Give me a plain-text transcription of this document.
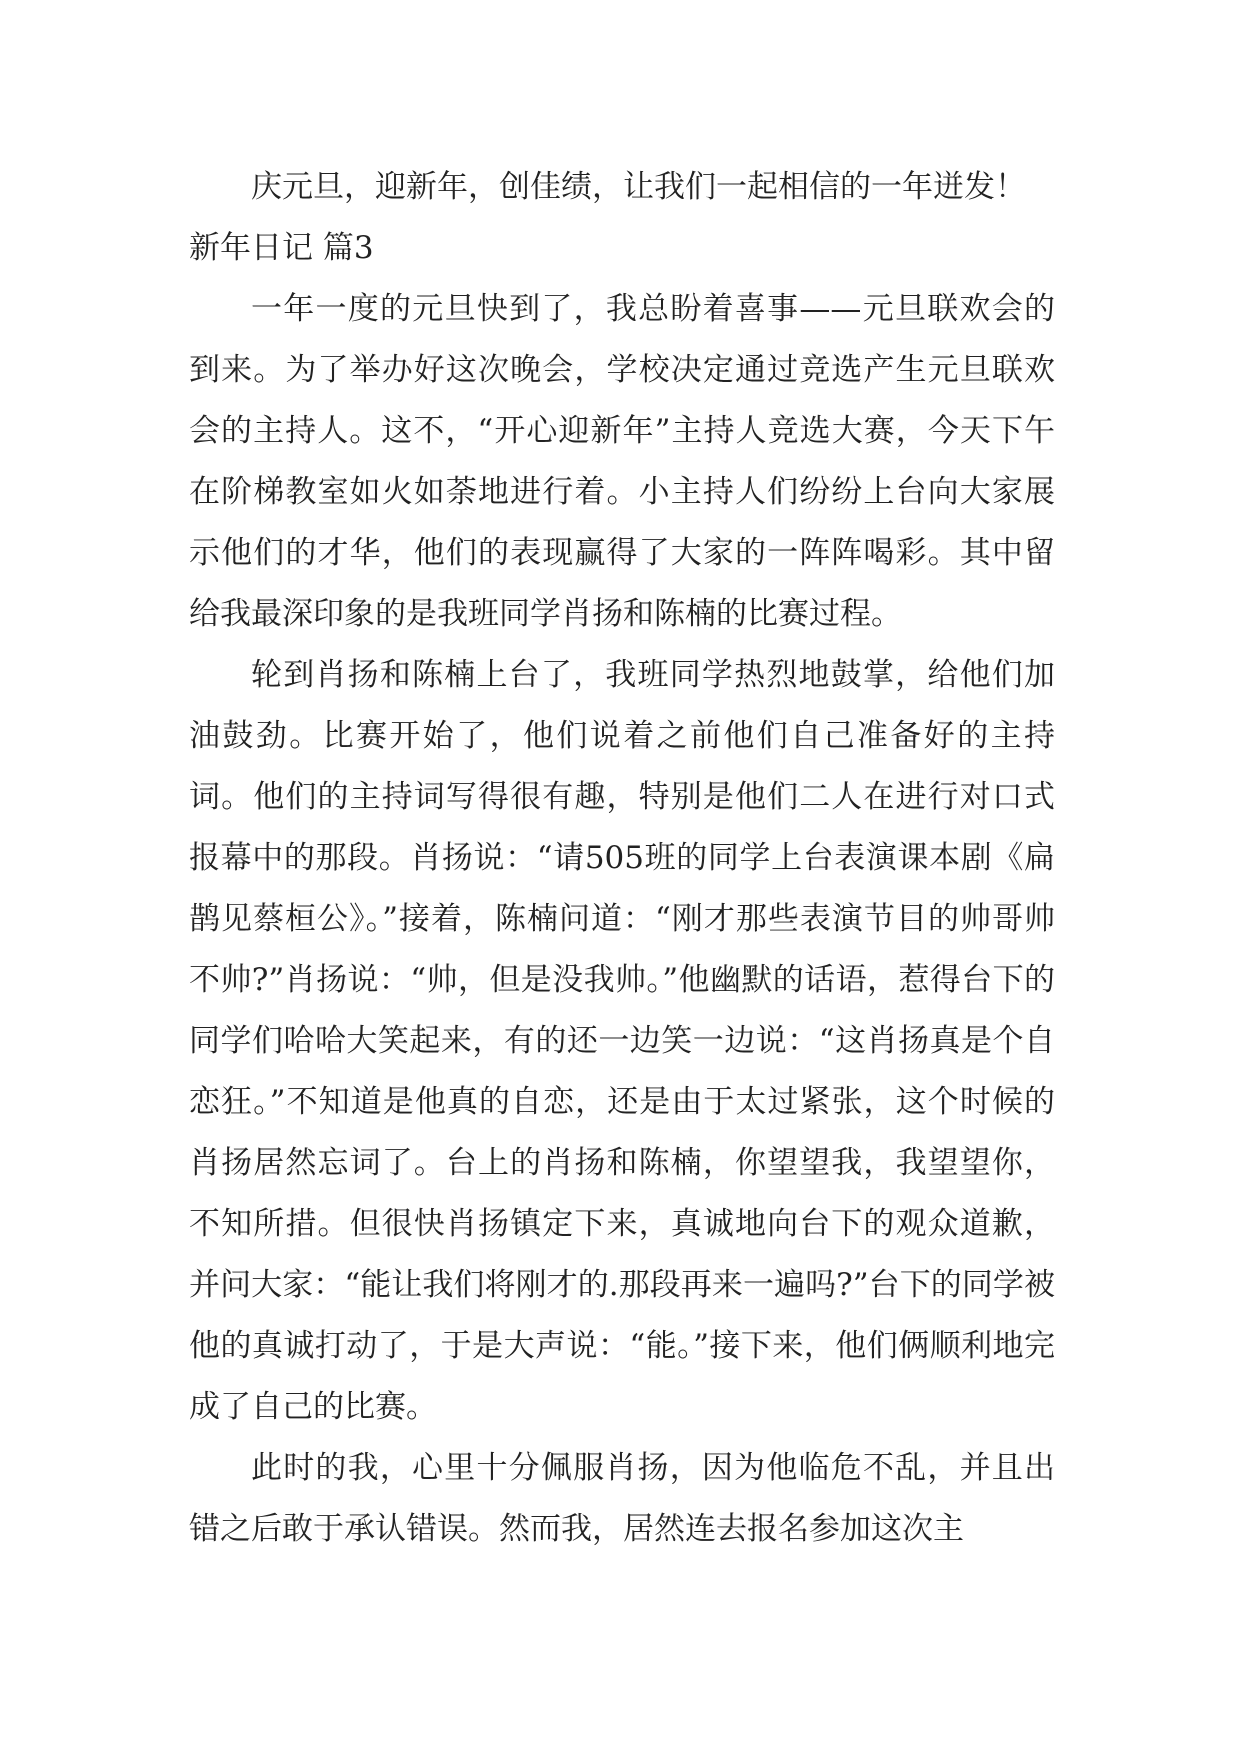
庆元旦，迎新年，创佳绩，让我们一起相信的一年迸发！

新年日记 篇3

一年一度的元旦快到了，我总盼着喜事——元旦联欢会的到来。为了举办好这次晚会，学校决定通过竞选产生元旦联欢会的主持人。这不，“开心迎新年”主持人竞选大赛，今天下午在阶梯教室如火如荼地进行着。小主持人们纷纷上台向大家展示他们的才华，他们的表现赢得了大家的一阵阵喝彩。其中留给我最深印象的是我班同学肖扬和陈楠的比赛过程。

轮到肖扬和陈楠上台了，我班同学热烈地鼓掌，给他们加油鼓劲。比赛开始了，他们说着之前他们自己准备好的主持词。他们的主持词写得很有趣，特别是他们二人在进行对口式报幕中的那段。肖扬说：“请505班的同学上台表演课本剧《扁鹊见蔡桓公》。”接着，陈楠问道：“刚才那些表演节目的帅哥帅不帅?”肖扬说：“帅，但是没我帅。”他幽默的话语，惹得台下的同学们哈哈大笑起来，有的还一边笑一边说：“这肖扬真是个自恋狂。”不知道是他真的自恋，还是由于太过紧张，这个时候的肖扬居然忘词了。台上的肖扬和陈楠，你望望我，我望望你，不知所措。但很快肖扬镇定下来，真诚地向台下的观众道歉，并问大家：“能让我们将刚才的.那段再来一遍吗?”台下的同学被他的真诚打动了，于是大声说：“能。”接下来，他们俩顺利地完成了自己的比赛。

此时的我，心里十分佩服肖扬，因为他临危不乱，并且出错之后敢于承认错误。然而我，居然连去报名参加这次主
